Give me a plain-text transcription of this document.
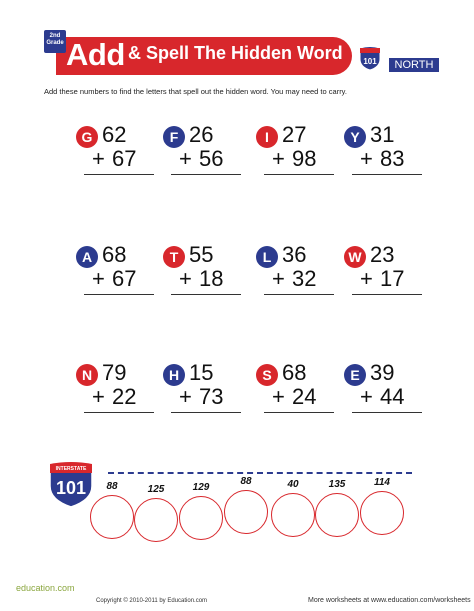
2nd
Grade Add & Spell The Hidden Word	101	NORTH
Add these numbers to find the letters that spell out the hidden word. You may need to carry.
G 62
+ 67
F 26
+ 56
I 27
+ 98
Y 31
+ 83
A 68
+ 67
T 55
+ 18
L 36
+ 32
W 23
+ 17
N 79
+ 22
H 15
+ 73
S 68
+ 24
E 39
+ 44
INTERSTATE
101	88	125	129
88	40	135	114
education.com
Copyright © 2010-2011 by Education.com	More worksheets at www.education.com/worksheets
